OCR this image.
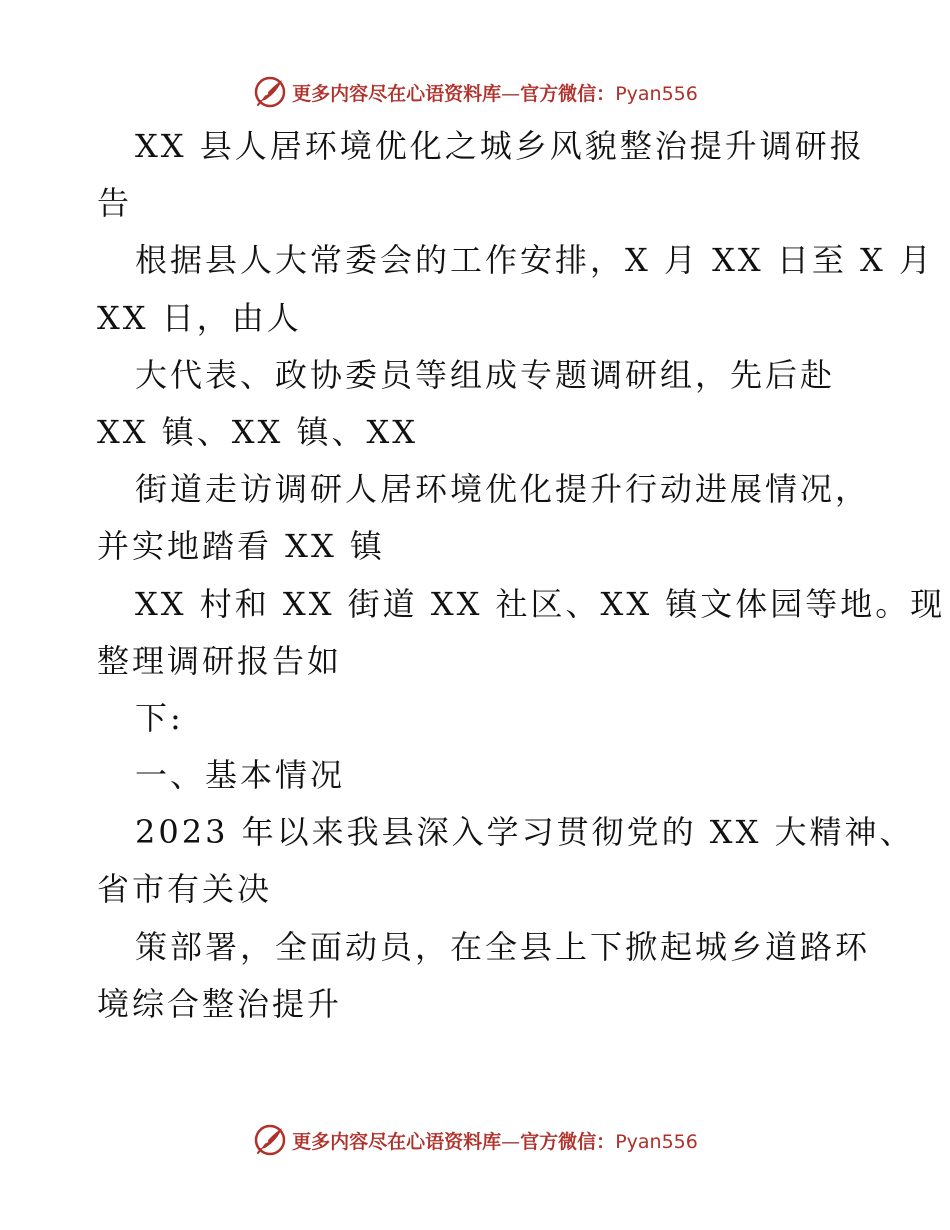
更多内容尽在心语资料库—官方微信：Pyan556
XX 县人居环境优化之城乡风貌整治提升调研报
告
根据县人大常委会的工作安排，X 月 XX 日至 X 月
XX 日，由人
大代表、政协委员等组成专题调研组，先后赴
XX 镇、XX 镇、XX
街道走访调研人居环境优化提升行动进展情况，
并实地踏看 XX 镇
XX 村和 XX 街道 XX 社区、XX 镇文体园等地。现
整理调研报告如
下:
一、基本情况
2023 年以来我县深入学习贯彻党的 XX 大精神、
省市有关决
策部署，全面动员，在全县上下掀起城乡道路环
境综合整治提升
更多内容尽在心语资料库—官方微信：Pyan556
